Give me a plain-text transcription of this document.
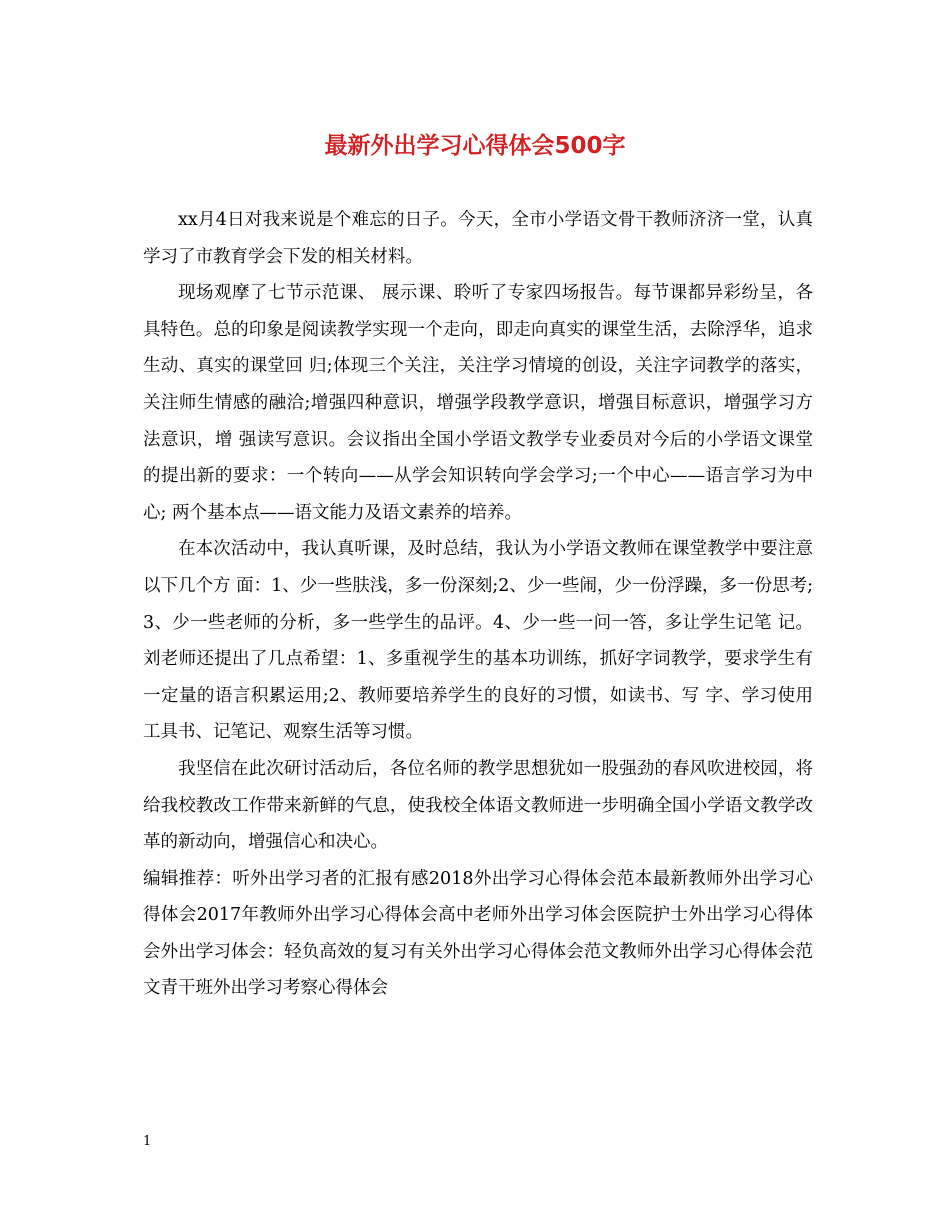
最新外出学习心得体会500字

xx月4日对我来说是个难忘的日子。今天，全市小学语文骨干教师济济一堂，认真学习了市教育学会下发的相关材料。

现场观摩了七节示范课、 展示课、聆听了专家四场报告。每节课都异彩纷呈，各具特色。总的印象是阅读教学实现一个走向，即走向真实的课堂生活，去除浮华，追求生动、真实的课堂回 归;体现三个关注，关注学习情境的创设，关注字词教学的落实，关注师生情感的融洽;增强四种意识，增强学段教学意识，增强目标意识，增强学习方法意识，增 强读写意识。会议指出全国小学语文教学专业委员对今后的小学语文课堂的提出新的要求：一个转向——从学会知识转向学会学习;一个中心——语言学习为中心; 两个基本点——语文能力及语文素养的培养。

在本次活动中，我认真听课，及时总结，我认为小学语文教师在课堂教学中要注意以下几个方 面：1、少一些肤浅，多一份深刻;2、少一些闹，少一份浮躁，多一份思考;3、少一些老师的分析，多一些学生的品评。4、少一些一问一答，多让学生记笔 记。刘老师还提出了几点希望：1、多重视学生的基本功训练，抓好字词教学，要求学生有一定量的语言积累运用;2、教师要培养学生的良好的习惯，如读书、写 字、学习使用工具书、记笔记、观察生活等习惯。

我坚信在此次研讨活动后，各位名师的教学思想犹如一股强劲的春风吹进校园，将给我校教改工作带来新鲜的气息，使我校全体语文教师进一步明确全国小学语文教学改革的新动向，增强信心和决心。

编辑推荐：听外出学习者的汇报有感2018外出学习心得体会范本最新教师外出学习心得体会2017年教师外出学习心得体会高中老师外出学习体会医院护士外出学习心得体会外出学习体会：轻负高效的复习有关外出学习心得体会范文教师外出学习心得体会范文青干班外出学习考察心得体会

1
